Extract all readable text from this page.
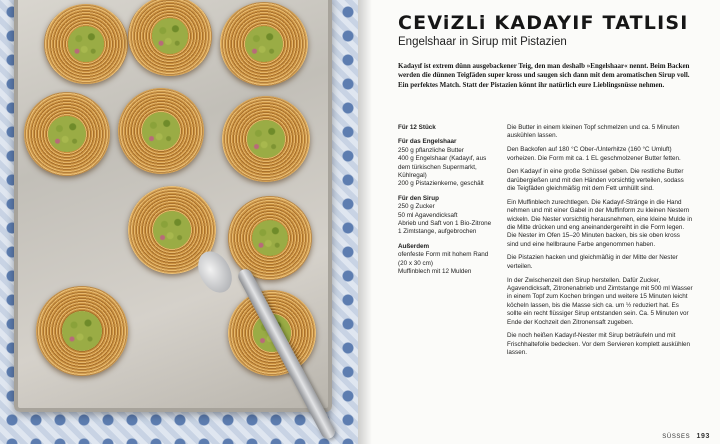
CEViZLi KADAYIF TATLISI
Engelshaar in Sirup mit Pistazien

Kadayıf ist extrem dünn ausgebackener Teig, den man deshalb »Engelshaar« nennt. Beim Backen werden die dünnen Teigfäden super kross und saugen sich dann mit dem aromatischen Sirup voll. Ein perfektes Match. Statt der Pistazien könnt ihr natürlich eure Lieblingsnüsse nehmen.

Für 12 Stück
Für das Engelshaar
250 g pflanzliche Butter
400 g Engelshaar (Kadayıf, aus
dem türkischen Supermarkt,
Kühlregal)
200 g Pistazienkerne, geschält
Für den Sirup
250 g Zucker
50 ml Agavendicksaft
Abrieb und Saft von 1 Bio-Zitrone
1 Zimtstange, aufgebrochen
Außerdem
ofenfeste Form mit hohem Rand
(20 x 30 cm)
Muffinblech mit 12 Mulden

Die Butter in einem kleinen Topf schmelzen und ca. 5 Minuten auskühlen lassen.

Den Backofen auf 180 °C Ober-/Unterhitze (160 °C Umluft) vorheizen. Die Form mit ca. 1 EL geschmolzener Butter fetten.

Den Kadayıf in eine große Schüssel geben. Die restliche Butter darübergießen und mit den Händen vorsichtig verteilen, sodass die Teigfäden gleichmäßig mit dem Fett umhüllt sind.

Ein Muffinblech zurechtlegen. Die Kadayıf-Stränge in die Hand nehmen und mit einer Gabel in der Muffinform zu kleinen Nestern wickeln. Die Nester vorsichtig herausnehmen, eine kleine Mulde in die Mitte drücken und eng aneinandergereiht in die Form legen. Die Nester im Ofen 15–20 Minuten backen, bis sie oben kross sind und eine hellbraune Farbe angenommen haben.

Die Pistazien hacken und gleichmäßig in der Mitte der Nester verteilen.

In der Zwischenzeit den Sirup herstellen. Dafür Zucker, Agavendicksaft, Zitronenabrieb und Zimtstange mit 500 ml Wasser in einem Topf zum Kochen bringen und weitere 15 Minuten leicht köcheln lassen, bis die Masse sich ca. um ½ reduziert hat. Es sollte ein recht flüssiger Sirup entstanden sein. Ca. 5 Minuten vor Ende der Kochzeit den Zitronensaft zugeben.

Die noch heißen Kadayıf-Nester mit Sirup beträufeln und mit Frischhaltefolie bedecken. Vor dem Servieren komplett auskühlen lassen.

SÜSSES 193
